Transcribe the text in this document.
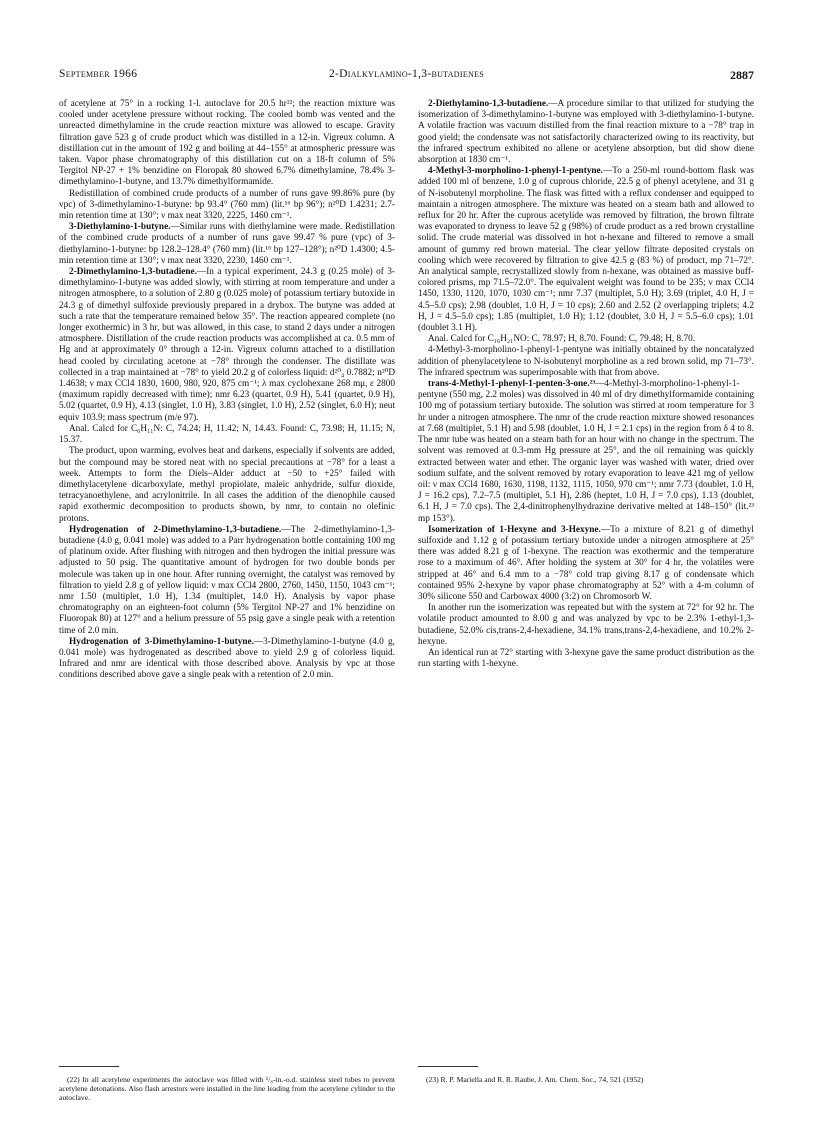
September 1966	2-Dialkylamino-1,3-butadienes	2887

of acetylene at 75° in a rocking 1-l. autoclave for 20.5 hr²²; the reaction mixture was cooled under acetylene pressure without rocking. The cooled bomb was vented and the unreacted dimethylamine in the crude reaction mixture was allowed to escape. Gravity filtration gave 523 g of crude product which was distilled in a 12-in. Vigreux column. A distillation cut in the amount of 192 g and boiling at 44–155° at atmospheric pressure was taken. Vapor phase chromatography of this distillation cut on a 18-ft column of 5% Tergitol NP-27 + 1% benzidine on Floropak 80 showed 6.7% dimethylamine, 78.4% 3-dimethylamino-1-butyne, and 13.7% dimethylformamide.

Redistillation of combined crude products of a number of runs gave 99.86% pure (by vpc) of 3-dimethylamino-1-butyne: bp 93.4° (760 mm) (lit.¹⁶ bp 96°); n²⁰D 1.4231; 2.7-min retention time at 130°; ν max neat 3320, 2225, 1460 cm⁻¹.

3-Diethylamino-1-butyne.—Similar runs with diethylamine were made. Redistillation of the combined crude products of a number of runs gave 99.47 % pure (vpc) of 3-diethylamino-1-butyne: bp 128.2–128.4° (760 mm) (lit.¹⁶ bp 127–128°); n²⁰D 1.4300; 4.5-min retention time at 130°; ν max neat 3320, 2230, 1460 cm⁻¹.

2-Dimethylamino-1,3-butadiene.—In a typical experiment, 24.3 g (0.25 mole) of 3-dimethylamino-1-butyne was added slowly, with stirring at room temperature and under a nitrogen atmosphere, to a solution of 2.80 g (0.025 mole) of potassium tertiary butoxide in 24.3 g of dimethyl sulfoxide previously prepared in a drybox. The butyne was added at such a rate that the temperature remained below 35°. The reaction appeared complete (no longer exothermic) in 3 hr, but was allowed, in this case, to stand 2 days under a nitrogen atmosphere. Distillation of the crude reaction products was accomplished at ca. 0.5 mm of Hg and at approximately 0° through a 12-in. Vigreux column attached to a distillation head cooled by circulating acetone at −78° through the condenser. The distillate was collected in a trap maintained at −78° to yield 20.2 g of colorless liquid: d²⁰₄ 0.7882; n²⁰D 1.4638; ν max CCl4 1830, 1600, 980, 920, 875 cm⁻¹; λ max cyclohexane 268 mμ, ε 2800 (maximum rapidly decreased with time); nmr 6.23 (quartet, 0.9 H), 5.41 (quartet, 0.9 H), 5.02 (quartet, 0.9 H), 4.13 (singlet, 1.0 H), 3.83 (singlet, 1.0 H), 2.52 (singlet, 6.0 H); neut equiv 103.9; mass spectrum (m/e 97).

Anal. Calcd for C₆H₁₁N: C, 74.24; H, 11.42; N, 14.43. Found: C, 73.98; H, 11.15; N, 15.37.

The product, upon warming, evolves heat and darkens, especially if solvents are added, but the compound may be stored neat with no special precautions at −78° for a least a week. Attempts to form the Diels–Alder adduct at −50 to +25° failed with dimethylacetylene dicarboxylate, methyl propiolate, maleic anhydride, sulfur dioxide, tetracyanoethylene, and acrylonitrile. In all cases the addition of the dienophile caused rapid exothermic decomposition to products shown, by nmr, to contain no olefinic protons.

Hydrogenation of 2-Dimethylamino-1,3-butadiene.—The 2-dimethylamino-1,3-butadiene (4.0 g, 0.041 mole) was added to a Parr hydrogenation bottle containing 100 mg of platinum oxide. After flushing with nitrogen and then hydrogen the initial pressure was adjusted to 50 psig. The quantitative amount of hydrogen for two double bonds per molecule was taken up in one hour. After running overnight, the catalyst was removed by filtration to yield 2.8 g of yellow liquid: ν max CCl4 2800, 2760, 1450, 1150, 1043 cm⁻¹; nmr 1.50 (multiplet, 1.0 H), 1.34 (multiplet, 14.0 H). Analysis by vapor phase chromatography on an eighteen-foot column (5% Tergitol NP-27 and 1% benzidine on Fluoropak 80) at 127° and a helium pressure of 55 psig gave a single peak with a retention time of 2.0 min.

Hydrogenation of 3-Dimethylamino-1-butyne.—3-Dimethylamino-1-butyne (4.0 g, 0.041 mole) was hydrogenated as described above to yield 2.9 g of colorless liquid. Infrared and nmr are identical with those described above. Analysis by vpc at those conditions described above gave a single peak with a retention of 2.0 min.

2-Diethylamino-1,3-butadiene.—A procedure similar to that utilized for studying the isomerization of 3-dimethylamino-1-butyne was employed with 3-diethylamino-1-butyne. A volatile fraction was vacuum distilled from the final reaction mixture to a −78° trap in good yield; the condensate was not satisfactorily characterized owing to its reactivity, but the infrared spectrum exhibited no allene or acetylene absorption, but did show diene absorption at 1830 cm⁻¹.

4-Methyl-3-morpholino-1-phenyl-1-pentyne.—To a 250-ml round-bottom flask was added 100 ml of benzene, 1.0 g of cuprous chloride, 22.5 g of phenyl acetylene, and 31 g of N-isobutenyl morpholine. The flask was fitted with a reflux condenser and equipped to maintain a nitrogen atmosphere. The mixture was heated on a steam bath and allowed to reflux for 20 hr. After the cuprous acetylide was removed by filtration, the brown filtrate was evaporated to dryness to leave 52 g (98%) of crude product as a red brown crystalline solid. The crude material was dissolved in hot n-hexane and filtered to remove a small amount of gummy red brown material. The clear yellow filtrate deposited crystals on cooling which were recovered by filtration to give 42.5 g (83 %) of product, mp 71–72°. An analytical sample, recrystallized slowly from n-hexane, was obtained as massive buff-colored prisms, mp 71.5–72.0°. The equivalent weight was found to be 235; ν max CCl4 1450, 1330, 1120, 1070, 1030 cm⁻¹; nmr 7.37 (multiplet, 5.0 H); 3.69 (triplet, 4.0 H, J = 4.5–5.0 cps); 2.98 (doublet, 1.0 H, J = 10 cps); 2.60 and 2.52 (2 overlapping triplets; 4.2 H, J = 4.5–5.0 cps); 1.85 (multiplet, 1.0 H); 1.12 (doublet, 3.0 H, J = 5.5–6.0 cps); 1.01 (doublet 3.1 H).

Anal. Calcd for C₁₆H₂₁NO: C, 78.97; H, 8.70. Found: C, 79.48; H, 8.70.

4-Methyl-3-morpholino-1-phenyl-1-pentyne was initially obtained by the noncatalyzed addition of phenylacetylene to N-isobutenyl morpholine as a red brown solid, mp 71–73°. The infrared spectrum was superimposable with that from above.

trans-4-Methyl-1-phenyl-1-penten-3-one.²³—4-Methyl-3-morpholino-1-phenyl-1-pentyne (550 mg, 2.2 moles) was dissolved in 40 ml of dry dimethylformamide containing 100 mg of potassium tertiary butoxide. The solution was stirred at room temperature for 3 hr under a nitrogen atmosphere. The nmr of the crude reaction mixture showed resonances at 7.68 (multiplet, 5.1 H) and 5.98 (doublet, 1.0 H, J = 2.1 cps) in the region from δ 4 to 8. The nmr tube was heated on a steam bath for an hour with no change in the spectrum. The solvent was removed at 0.3-mm Hg pressure at 25°, and the oil remaining was quickly extracted between water and ether. The organic layer was washed with water, dried over sodium sulfate, and the solvent removed by rotary evaporation to leave 421 mg of yellow oil: ν max CCl4 1680, 1630, 1198, 1132, 1115, 1050, 970 cm⁻¹; nmr 7.73 (doublet, 1.0 H, J = 16.2 cps), 7.2–7.5 (multiplet, 5.1 H), 2.86 (heptet, 1.0 H, J = 7.0 cps), 1.13 (doublet, 6.1 H, J = 7.0 cps). The 2,4-dinitrophenylhydrazine derivative melted at 148–150° (lit.²³ mp 153°).

Isomerization of 1-Hexyne and 3-Hexyne.—To a mixture of 8.21 g of dimethyl sulfoxide and 1.12 g of potassium tertiary butoxide under a nitrogen atmosphere at 25° there was added 8.21 g of 1-hexyne. The reaction was exothermic and the temperature rose to a maximum of 46°. After holding the system at 30° for 4 hr, the volatiles were stripped at 46° and 6.4 mm to a −78° cold trap giving 8.17 g of condensate which contained 95% 2-hexyne by vapor phase chromatography at 52° with a 4-m column of 30% silicone 550 and Carbowax 4000 (3:2) on Chromosorb W.

In another run the isomerization was repeated but with the system at 72° for 92 hr. The volatile product amounted to 8.00 g and was analyzed by vpc to be 2.3% 1-ethyl-1,3-butadiene, 52.0% cis,trans-2,4-hexadiene, 34.1% trans,trans-2,4-hexadiene, and 10.2% 2-hexyne.

An identical run at 72° starting with 3-hexyne gave the same product distribution as the run starting with 1-hexyne.

(22) In all acetylene experiments the autoclave was filled with ¹/₈-in.-o.d. stainless steel tubes to prevent acetylene detonations. Also flash arrestors were installed in the line leading from the acetylene cylinder to the autoclave.

(23) R. P. Mariella and R. R. Raube, J. Am. Chem. Soc., 74, 521 (1952)
